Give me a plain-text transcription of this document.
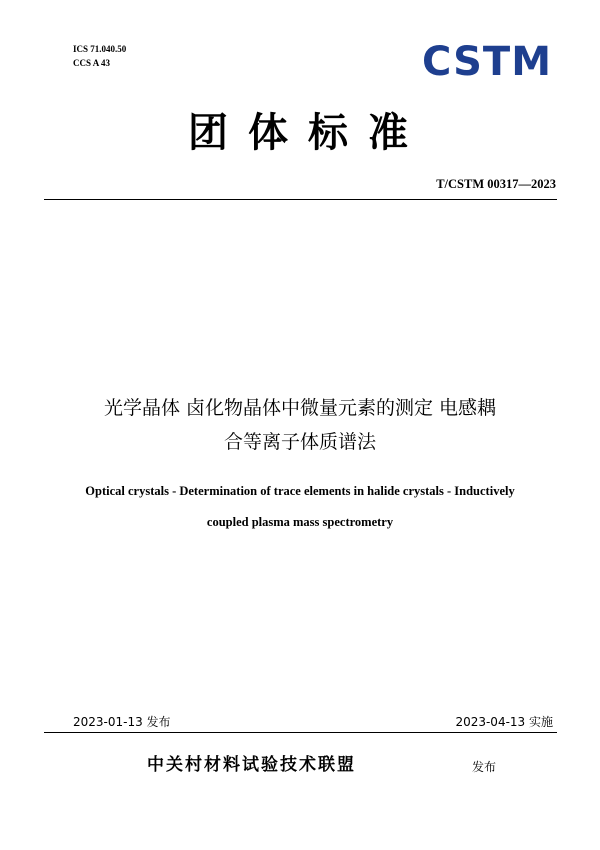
ICS 71.040.50
CCS A 43	CSTM
团体标准
T/CSTM 00317—2023
光学晶体 卤化物晶体中微量元素的测定 电感耦
合等离子体质谱法
Optical crystals - Determination of trace elements in halide crystals - Inductively
coupled plasma mass spectrometry
2023-01-13 发布	2023-04-13 实施
中关村材料试验技术联盟	发布
